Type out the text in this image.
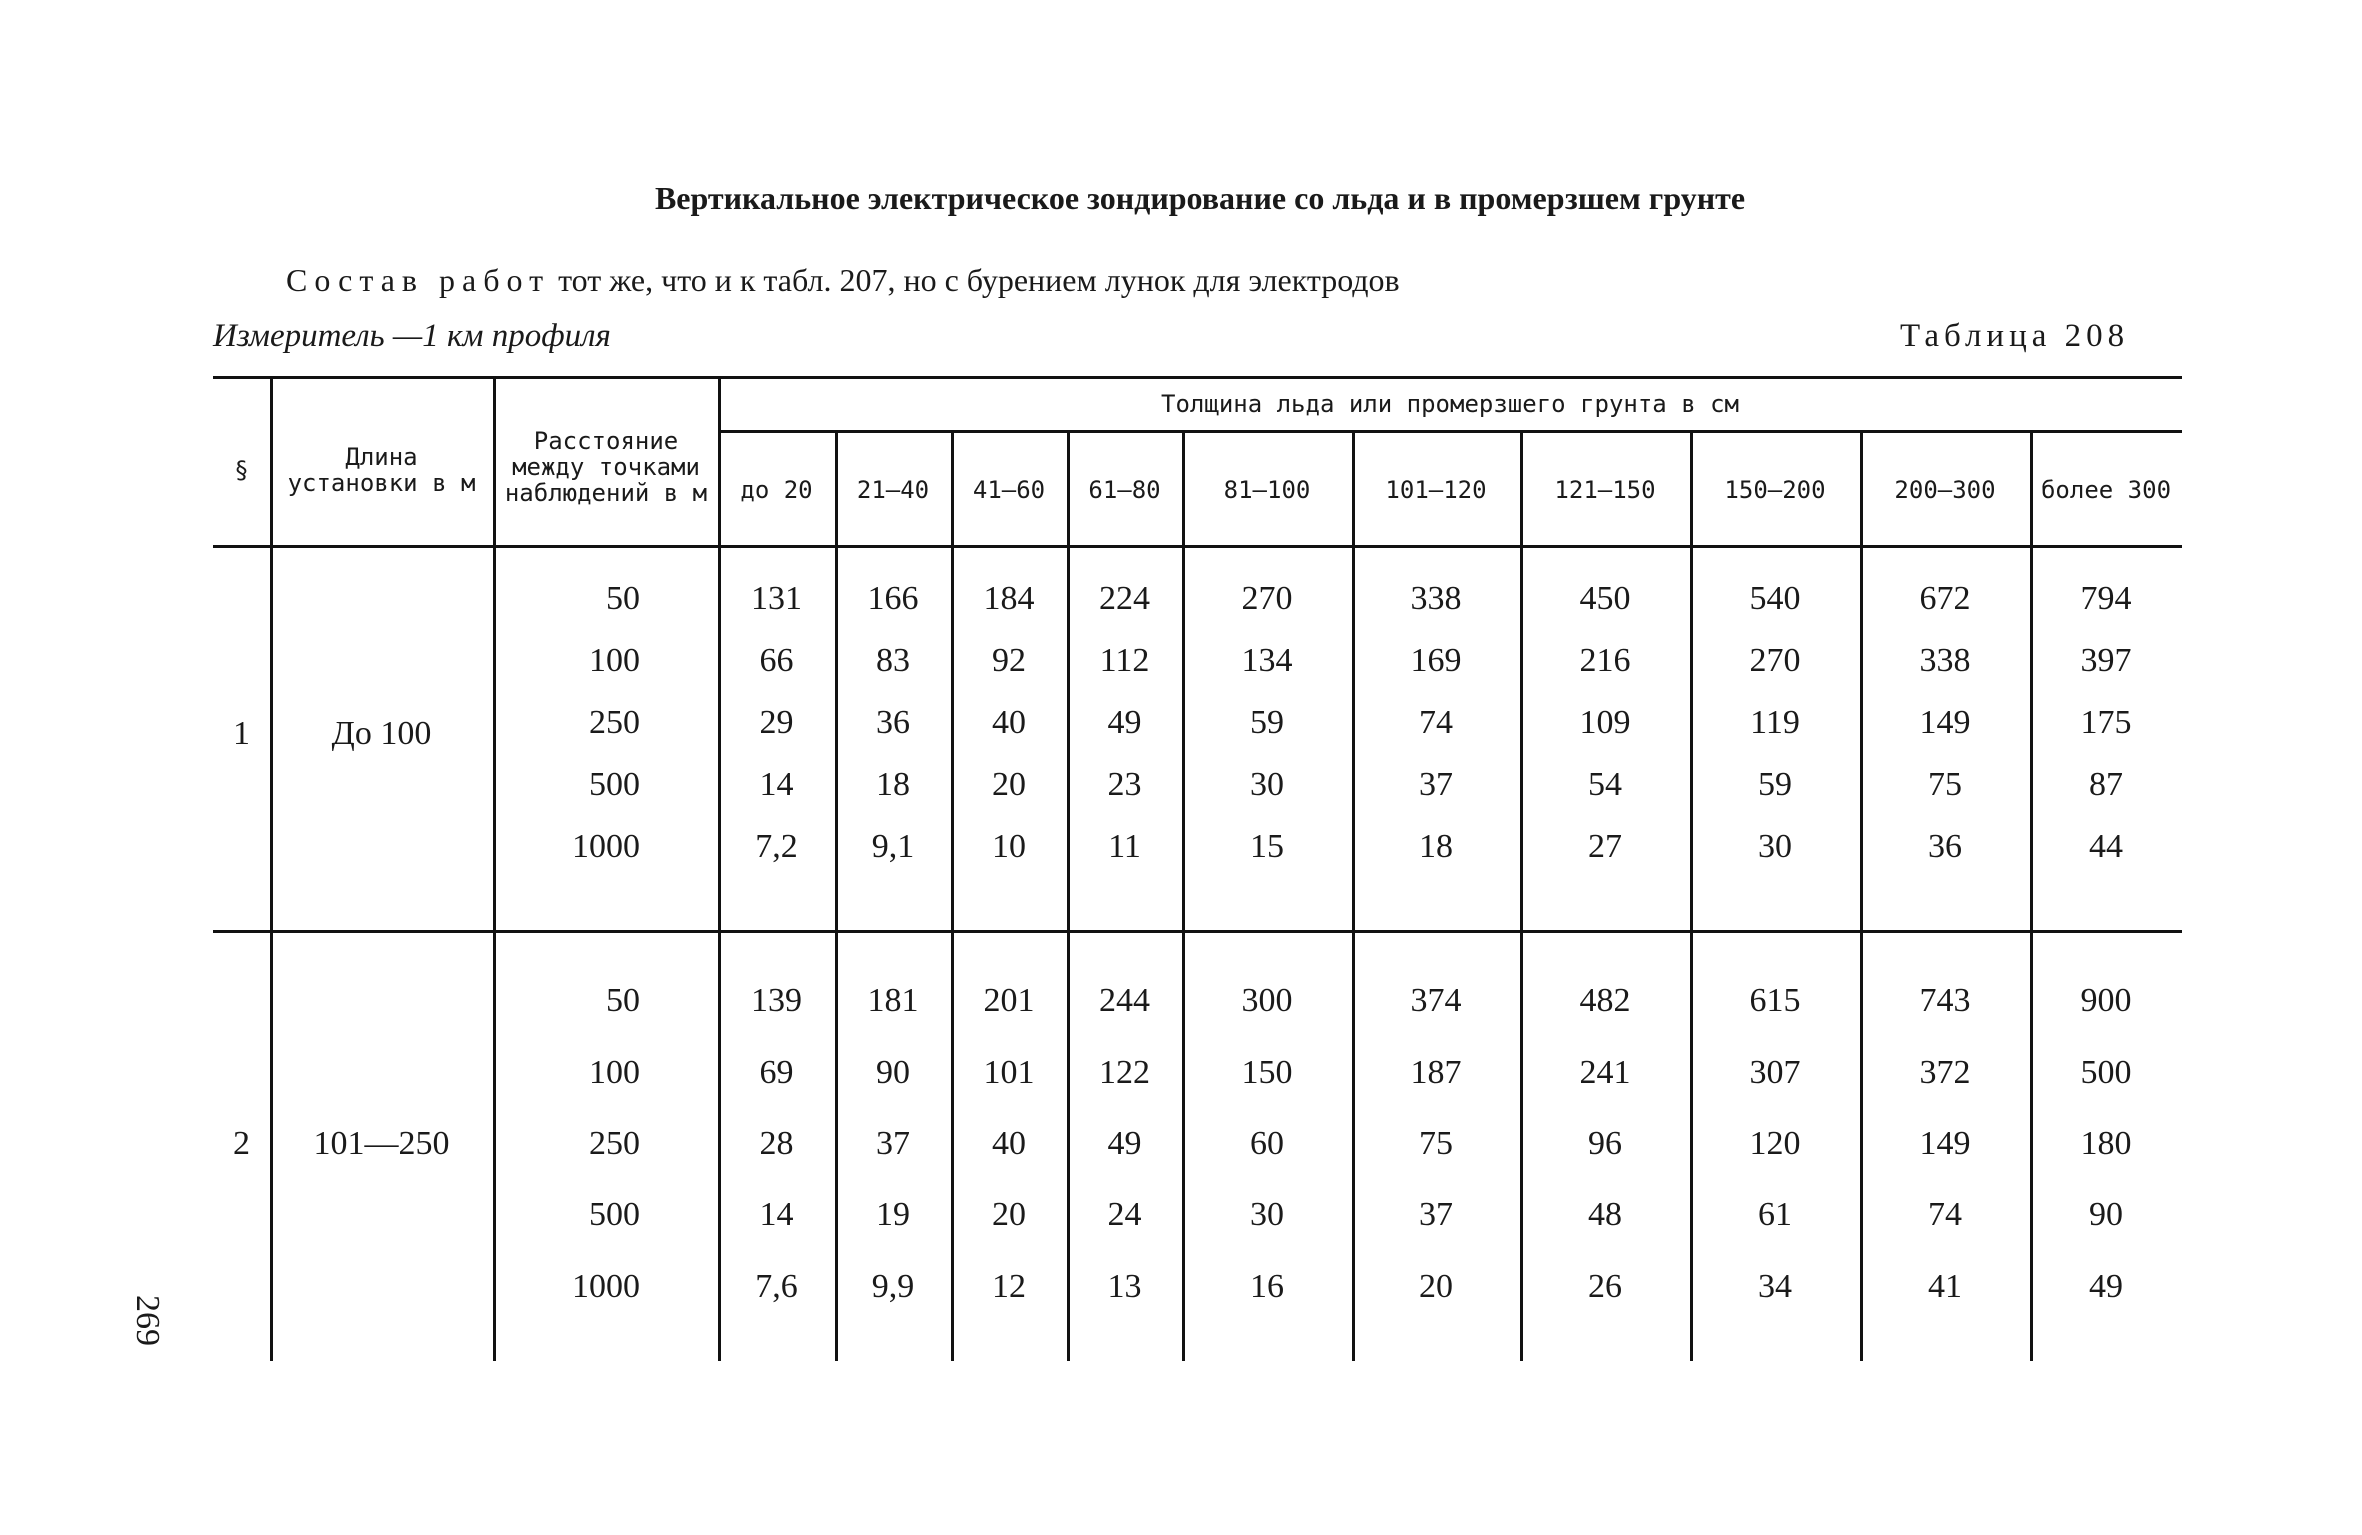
Вертикальное электрическое зондирование со льда и в промерзшем грунте
Состав работ тот же, что и к табл. 207, но с бурением лунок для электродов
Измеритель —1 км профиля	Таблица 208
269
§	Длина установки в м
Расстояние между точками наблюдений в м
Толщина льда или промерзшего грунта в см
до 20	21—40	41—60	61—80	81—100	101—120	121—150	150—200	200—300	более 300
1	До 100
50	131	166	184	224	270	338	450	540	672	794
100	66	83	92	112	134	169	216	270	338	397
250	29	36	40	49	59	74	109	119	149	175
500	14	18	20	23	30	37	54	59	75	87
1000	7,2	9,1	10	11	15	18	27	30	36	44
2	101—250
50	139	181	201	244	300	374	482	615	743	900
100	69	90	101	122	150	187	241	307	372	500
250	28	37	40	49	60	75	96	120	149	180
500	14	19	20	24	30	37	48	61	74	90
1000	7,6	9,9	12	13	16	20	26	34	41	49
